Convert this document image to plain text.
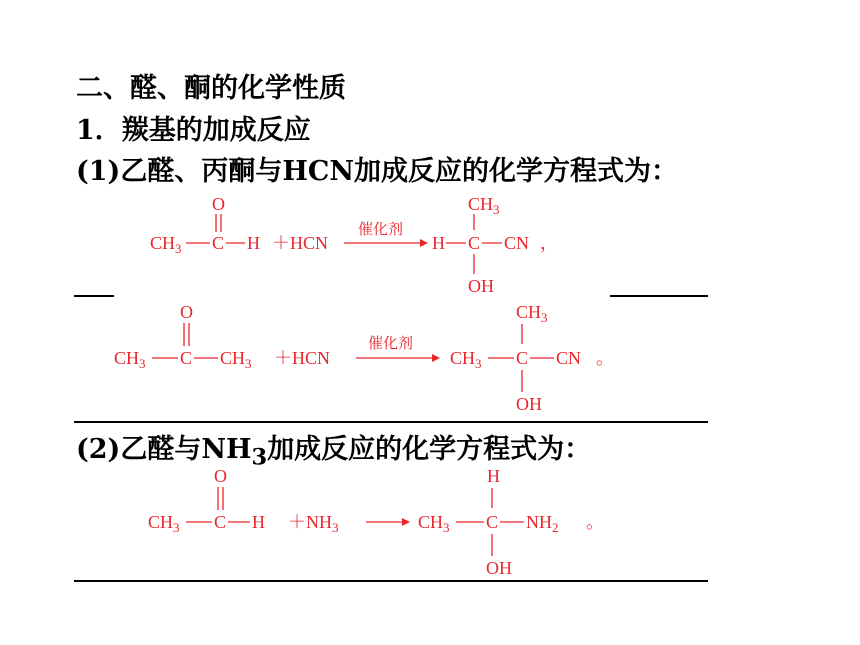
二、醛、酮的化学性质
1．羰基的加成反应
(1)乙醛、丙酮与HCN加成反应的化学方程式为：
(2)乙醛与$NH_3$加成反应的化学方程式为：
$CH_3$ C
O
H ＋HCN
催化剂
H C
$CH_3$
CN ，
OH
$CH_3$ C
O
$CH_3 +HCN$
催化剂
$CH_3$ C
$CH_3$
CN 。
OH
$CH_3$ C
O
$H +NH_3$	$CH_3$ C
H
$NH_2$ 。
OH
